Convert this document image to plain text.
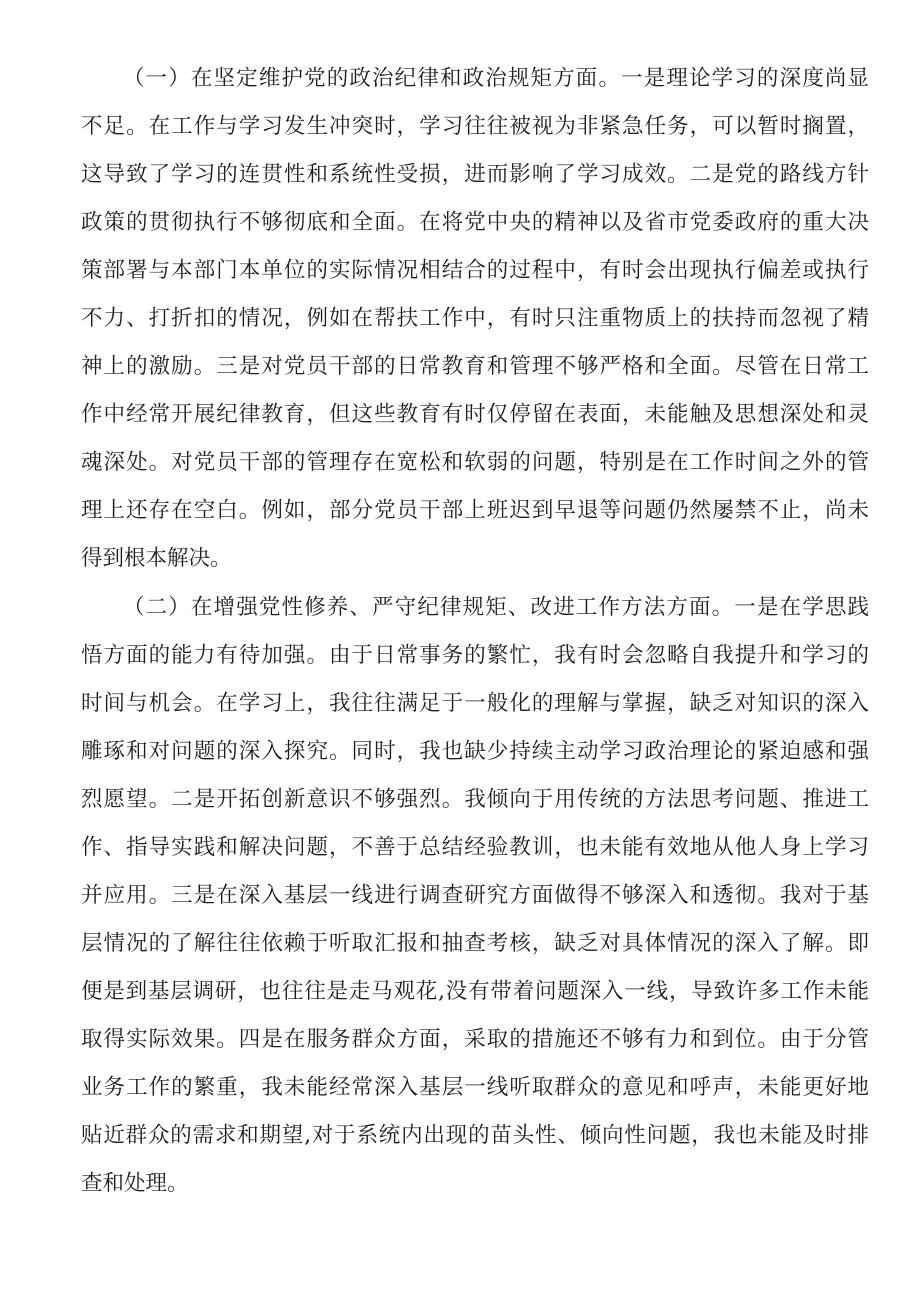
（一）在坚定维护党的政治纪律和政治规矩方面。一是理论学习的深度尚显
不足。在工作与学习发生冲突时，学习往往被视为非紧急任务，可以暂时搁置，
这导致了学习的连贯性和系统性受损，进而影响了学习成效。二是党的路线方针
政策的贯彻执行不够彻底和全面。在将党中央的精神以及省市党委政府的重大决
策部署与本部门本单位的实际情况相结合的过程中，有时会出现执行偏差或执行
不力、打折扣的情况，例如在帮扶工作中，有时只注重物质上的扶持而忽视了精
神上的激励。三是对党员干部的日常教育和管理不够严格和全面。尽管在日常工
作中经常开展纪律教育，但这些教育有时仅停留在表面，未能触及思想深处和灵
魂深处。对党员干部的管理存在宽松和软弱的问题，特别是在工作时间之外的管
理上还存在空白。例如，部分党员干部上班迟到早退等问题仍然屡禁不止，尚未
得到根本解决。
（二）在增强党性修养、严守纪律规矩、改进工作方法方面。一是在学思践
悟方面的能力有待加强。由于日常事务的繁忙，我有时会忽略自我提升和学习的
时间与机会。在学习上，我往往满足于一般化的理解与掌握，缺乏对知识的深入
雕琢和对问题的深入探究。同时，我也缺少持续主动学习政治理论的紧迫感和强
烈愿望。二是开拓创新意识不够强烈。我倾向于用传统的方法思考问题、推进工
作、指导实践和解决问题，不善于总结经验教训，也未能有效地从他人身上学习
并应用。三是在深入基层一线进行调查研究方面做得不够深入和透彻。我对于基
层情况的了解往往依赖于听取汇报和抽查考核，缺乏对具体情况的深入了解。即
便是到基层调研，也往往是走马观花,没有带着问题深入一线，导致许多工作未能
取得实际效果。四是在服务群众方面，采取的措施还不够有力和到位。由于分管
业务工作的繁重，我未能经常深入基层一线听取群众的意见和呼声，未能更好地
贴近群众的需求和期望,对于系统内出现的苗头性、倾向性问题，我也未能及时排
查和处理。
